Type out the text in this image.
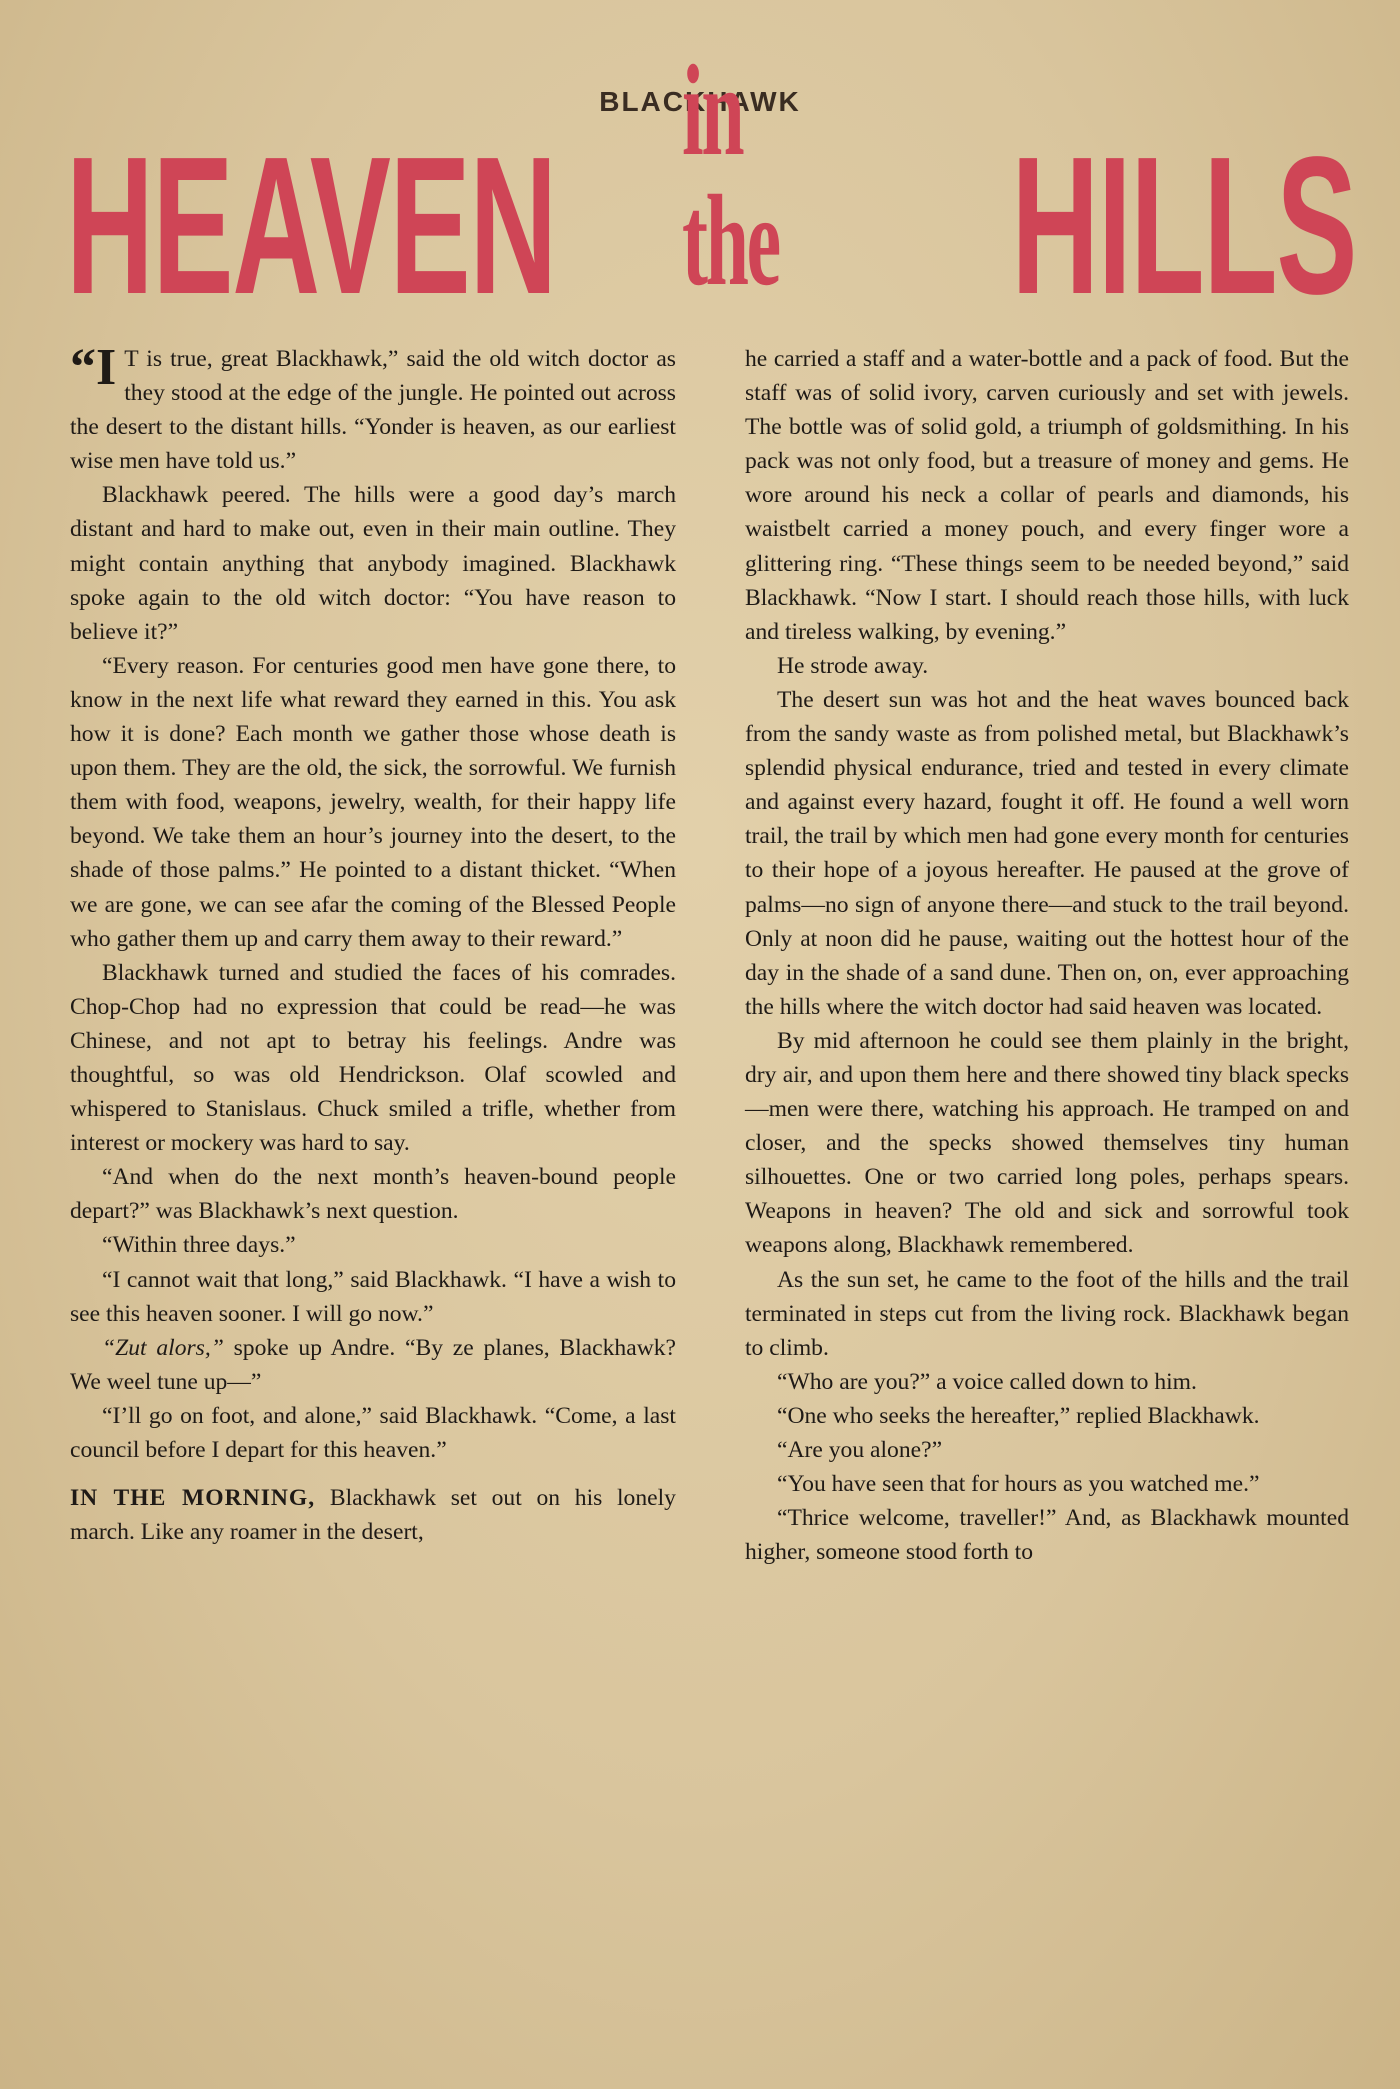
BLACKHAWK
HEAVEN
in the HILLS

“I T is true, great Blackhawk,” said the old witch doctor as they stood at the edge of the jungle. He pointed out across the desert to the distant hills. “Yonder is heaven, as our earliest wise men have told us.”

Blackhawk peered. The hills were a good day’s march distant and hard to make out, even in their main outline. They might contain anything that anybody imagined. Blackhawk spoke again to the old witch doctor: “You have reason to believe it?”

“Every reason. For centuries good men have gone there, to know in the next life what reward they earned in this. You ask how it is done? Each month we gather those whose death is upon them. They are the old, the sick, the sorrowful. We furnish them with food, weapons, jewelry, wealth, for their happy life beyond. We take them an hour’s journey into the desert, to the shade of those palms.” He pointed to a distant thicket. “When we are gone, we can see afar the coming of the Blessed People who gather them up and carry them away to their reward.”

Blackhawk turned and studied the faces of his comrades. Chop-Chop had no expression that could be read—he was Chinese, and not apt to betray his feelings. Andre was thoughtful, so was old Hendrickson. Olaf scowled and whispered to Stanislaus. Chuck smiled a trifle, whether from interest or mockery was hard to say.

“And when do the next month’s heaven-bound people depart?” was Blackhawk’s next question.

“Within three days.”

“I cannot wait that long,” said Blackhawk. “I have a wish to see this heaven sooner. I will go now.”

“Zut alors,” spoke up Andre. “By ze planes, Blackhawk? We weel tune up—”

“I’ll go on foot, and alone,” said Blackhawk. “Come, a last council before I depart for this heaven.”

IN THE MORNING, Blackhawk set out on his lonely march. Like any roamer in the desert,

he carried a staff and a water-bottle and a pack of food. But the staff was of solid ivory, carven curiously and set with jewels. The bottle was of solid gold, a triumph of goldsmithing. In his pack was not only food, but a treasure of money and gems. He wore around his neck a collar of pearls and diamonds, his waistbelt carried a money pouch, and every finger wore a glittering ring. “These things seem to be needed beyond,” said Blackhawk. “Now I start. I should reach those hills, with luck and tireless walking, by evening.”

He strode away.

The desert sun was hot and the heat waves bounced back from the sandy waste as from polished metal, but Blackhawk’s splendid physical endurance, tried and tested in every climate and against every hazard, fought it off. He found a well worn trail, the trail by which men had gone every month for centuries to their hope of a joyous hereafter. He paused at the grove of palms—no sign of anyone there—and stuck to the trail beyond. Only at noon did he pause, waiting out the hottest hour of the day in the shade of a sand dune. Then on, on, ever approaching the hills where the witch doctor had said heaven was located.

By mid afternoon he could see them plainly in the bright, dry air, and upon them here and there showed tiny black specks—men were there, watching his approach. He tramped on and closer, and the specks showed themselves tiny human silhouettes. One or two carried long poles, perhaps spears. Weapons in heaven? The old and sick and sorrowful took weapons along, Blackhawk remembered.

As the sun set, he came to the foot of the hills and the trail terminated in steps cut from the living rock. Blackhawk began to climb.

“Who are you?” a voice called down to him.

“One who seeks the hereafter,” replied Blackhawk.

“Are you alone?”

“You have seen that for hours as you watched me.”

“Thrice welcome, traveller!” And, as Blackhawk mounted higher, someone stood forth to
